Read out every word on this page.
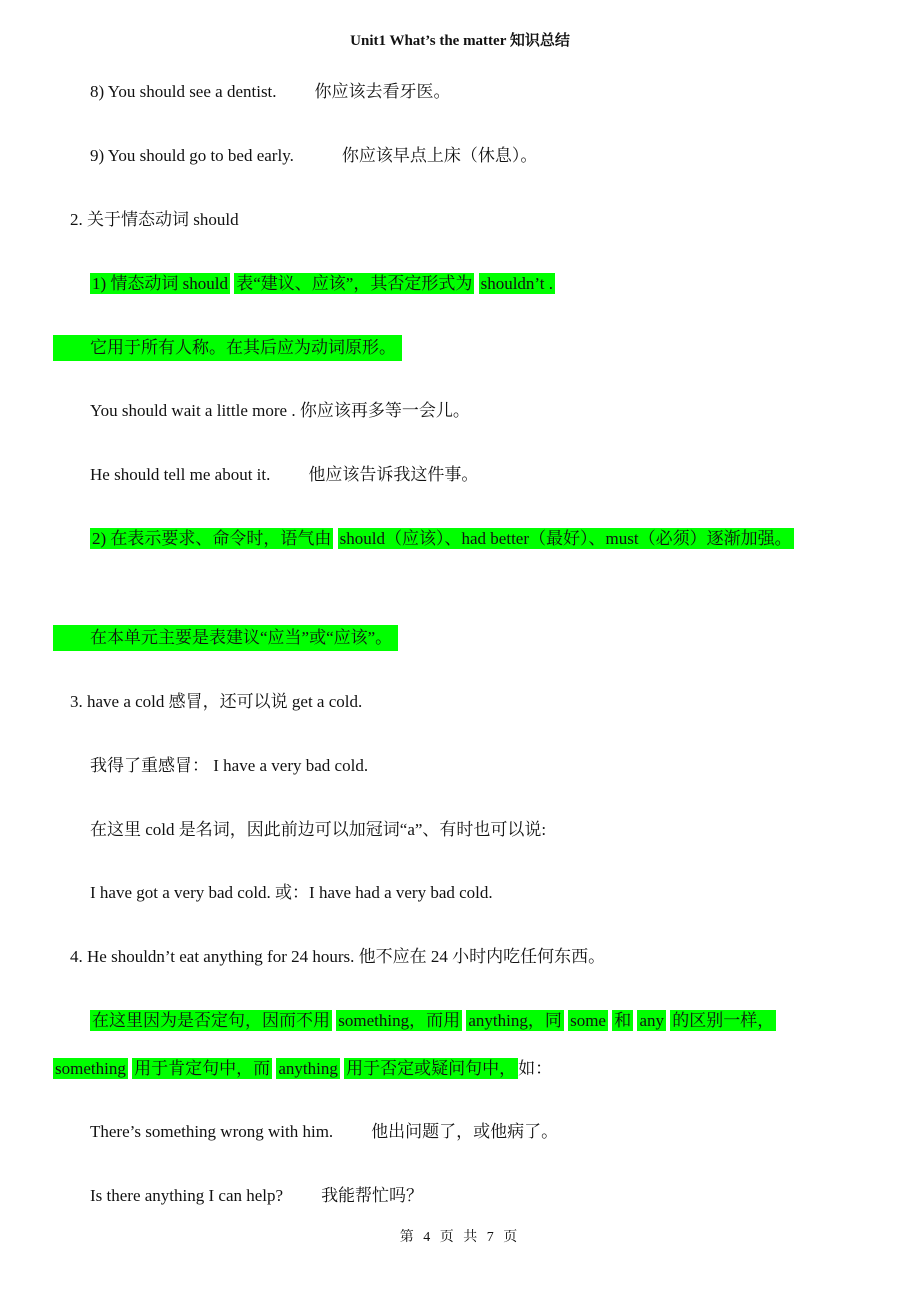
Unit1 What’s the matter 知识总结
8) You should see a dentist. 你应该去看牙医。
9) You should go to bed early.	你应该早点上床（休息）。
2. 关于情态动词 should
1) 情态动词 should 表“建议、应该”，其否定形式为 shouldn’t .
它用于所有人称。在其后应为动词原形。
You should wait a little more . 你应该再多等一会儿。
He should tell me about it. 他应该告诉我这件事。
2) 在表示要求、命令时，语气由 should（应该）、had better（最好）、must（必须）逐渐加强。
在本单元主要是表建议“应当”或“应该”。
3. have a cold 感冒，还可以说 get a cold.
我得了重感冒： I have a very bad cold.
在这里 cold 是名词，因此前边可以加冠词“a”、有时也可以说:
I have got a very bad cold. 或：I have had a very bad cold.
4. He shouldn’t eat anything for 24 hours. 他不应在 24 小时内吃任何东西。
在这里因为是否定句，因而不用 something，而用 anything，同 some 和 any 的区别一样，
something 用于肯定句中，而 anything 用于否定或疑问句中， 如：
There’s something wrong with him. 他出问题了，或他病了。
Is there anything I can help? 我能帮忙吗？
第 4 页 共 7 页
